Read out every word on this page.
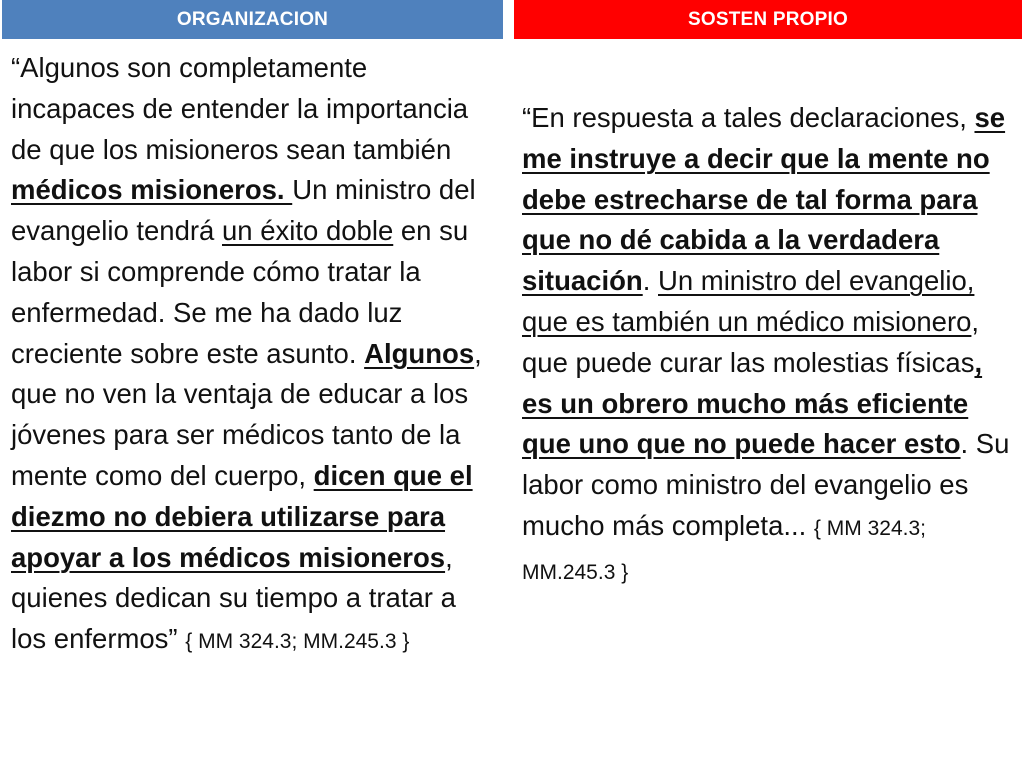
ORGANIZACION	SOSTEN PROPIO

“Algunos son completamente incapaces de entender la importancia de que los misioneros sean también médicos misioneros. Un ministro del evangelio tendrá un éxito doble en su labor si comprende cómo tratar la enfermedad. Se me ha dado luz creciente sobre este asunto. Algunos, que no ven la ventaja de educar a los jóvenes para ser médicos tanto de la mente como del cuerpo, dicen que el diezmo no debiera utilizarse para apoyar a los médicos misioneros, quienes dedican su tiempo a tratar a los enfermos” { MM 324.3; MM.245.3 }

“En respuesta a tales declaraciones, se me instruye a decir que la mente no debe estrecharse de tal forma para que no dé cabida a la verdadera situación. Un ministro del evangelio, que es también un médico misionero, que puede curar las molestias físicas, es un obrero mucho más eficiente que uno que no puede hacer esto. Su labor como ministro del evangelio es mucho más completa... { MM 324.3; MM.245.3 }
